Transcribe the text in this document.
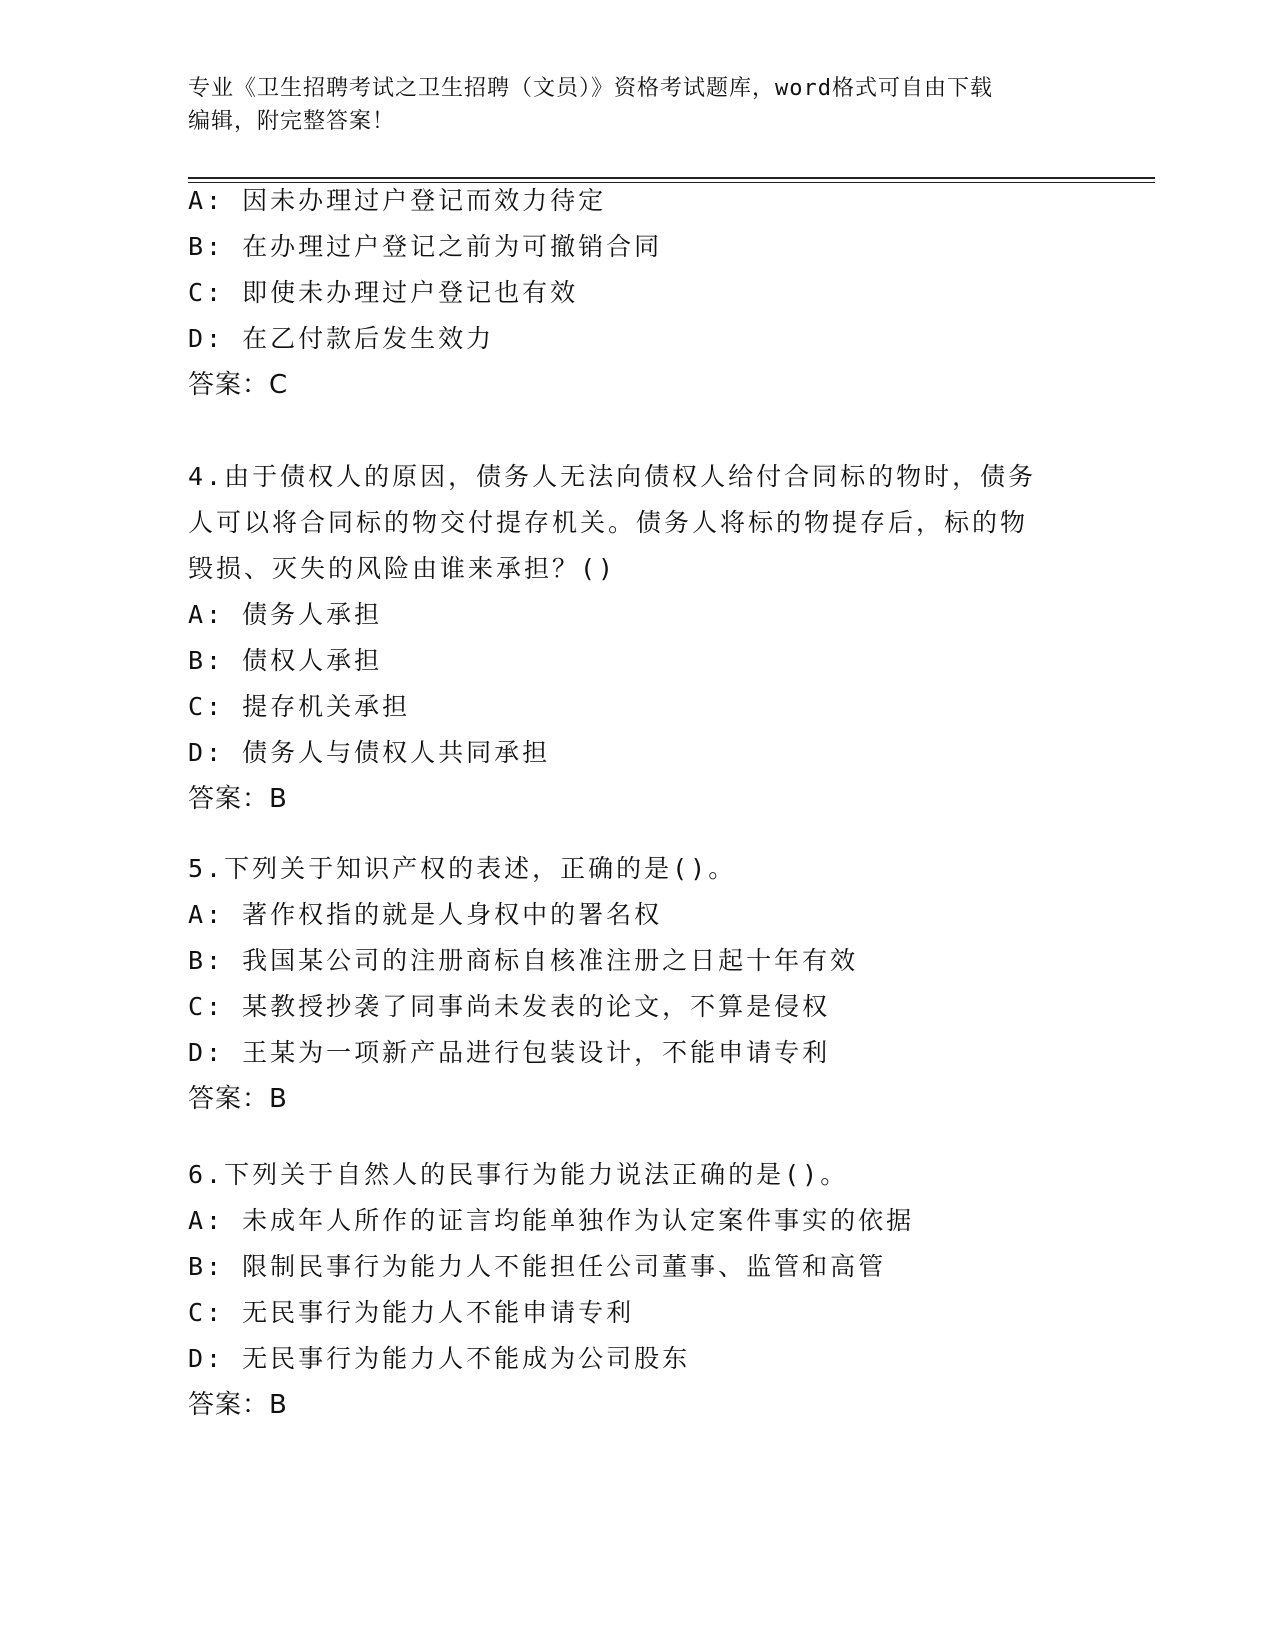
专业《卫生招聘考试之卫生招聘（文员）》资格考试题库，word格式可自由下载
编辑，附完整答案！
A: 因未办理过户登记而效力待定
B: 在办理过户登记之前为可撤销合同
C: 即使未办理过户登记也有效
D: 在乙付款后发生效力
答案：C
4.由于债权人的原因，债务人无法向债权人给付合同标的物时，债务
人可以将合同标的物交付提存机关。债务人将标的物提存后，标的物
毁损、灭失的风险由谁来承担？()
A: 债务人承担
B: 债权人承担
C: 提存机关承担
D: 债务人与债权人共同承担
答案：B
5.下列关于知识产权的表述，正确的是()。
A: 著作权指的就是人身权中的署名权
B: 我国某公司的注册商标自核准注册之日起十年有效
C: 某教授抄袭了同事尚未发表的论文，不算是侵权
D: 王某为一项新产品进行包装设计，不能申请专利
答案：B
6.下列关于自然人的民事行为能力说法正确的是()。
A: 未成年人所作的证言均能单独作为认定案件事实的依据
B: 限制民事行为能力人不能担任公司董事、监管和高管
C: 无民事行为能力人不能申请专利
D: 无民事行为能力人不能成为公司股东
答案：B
